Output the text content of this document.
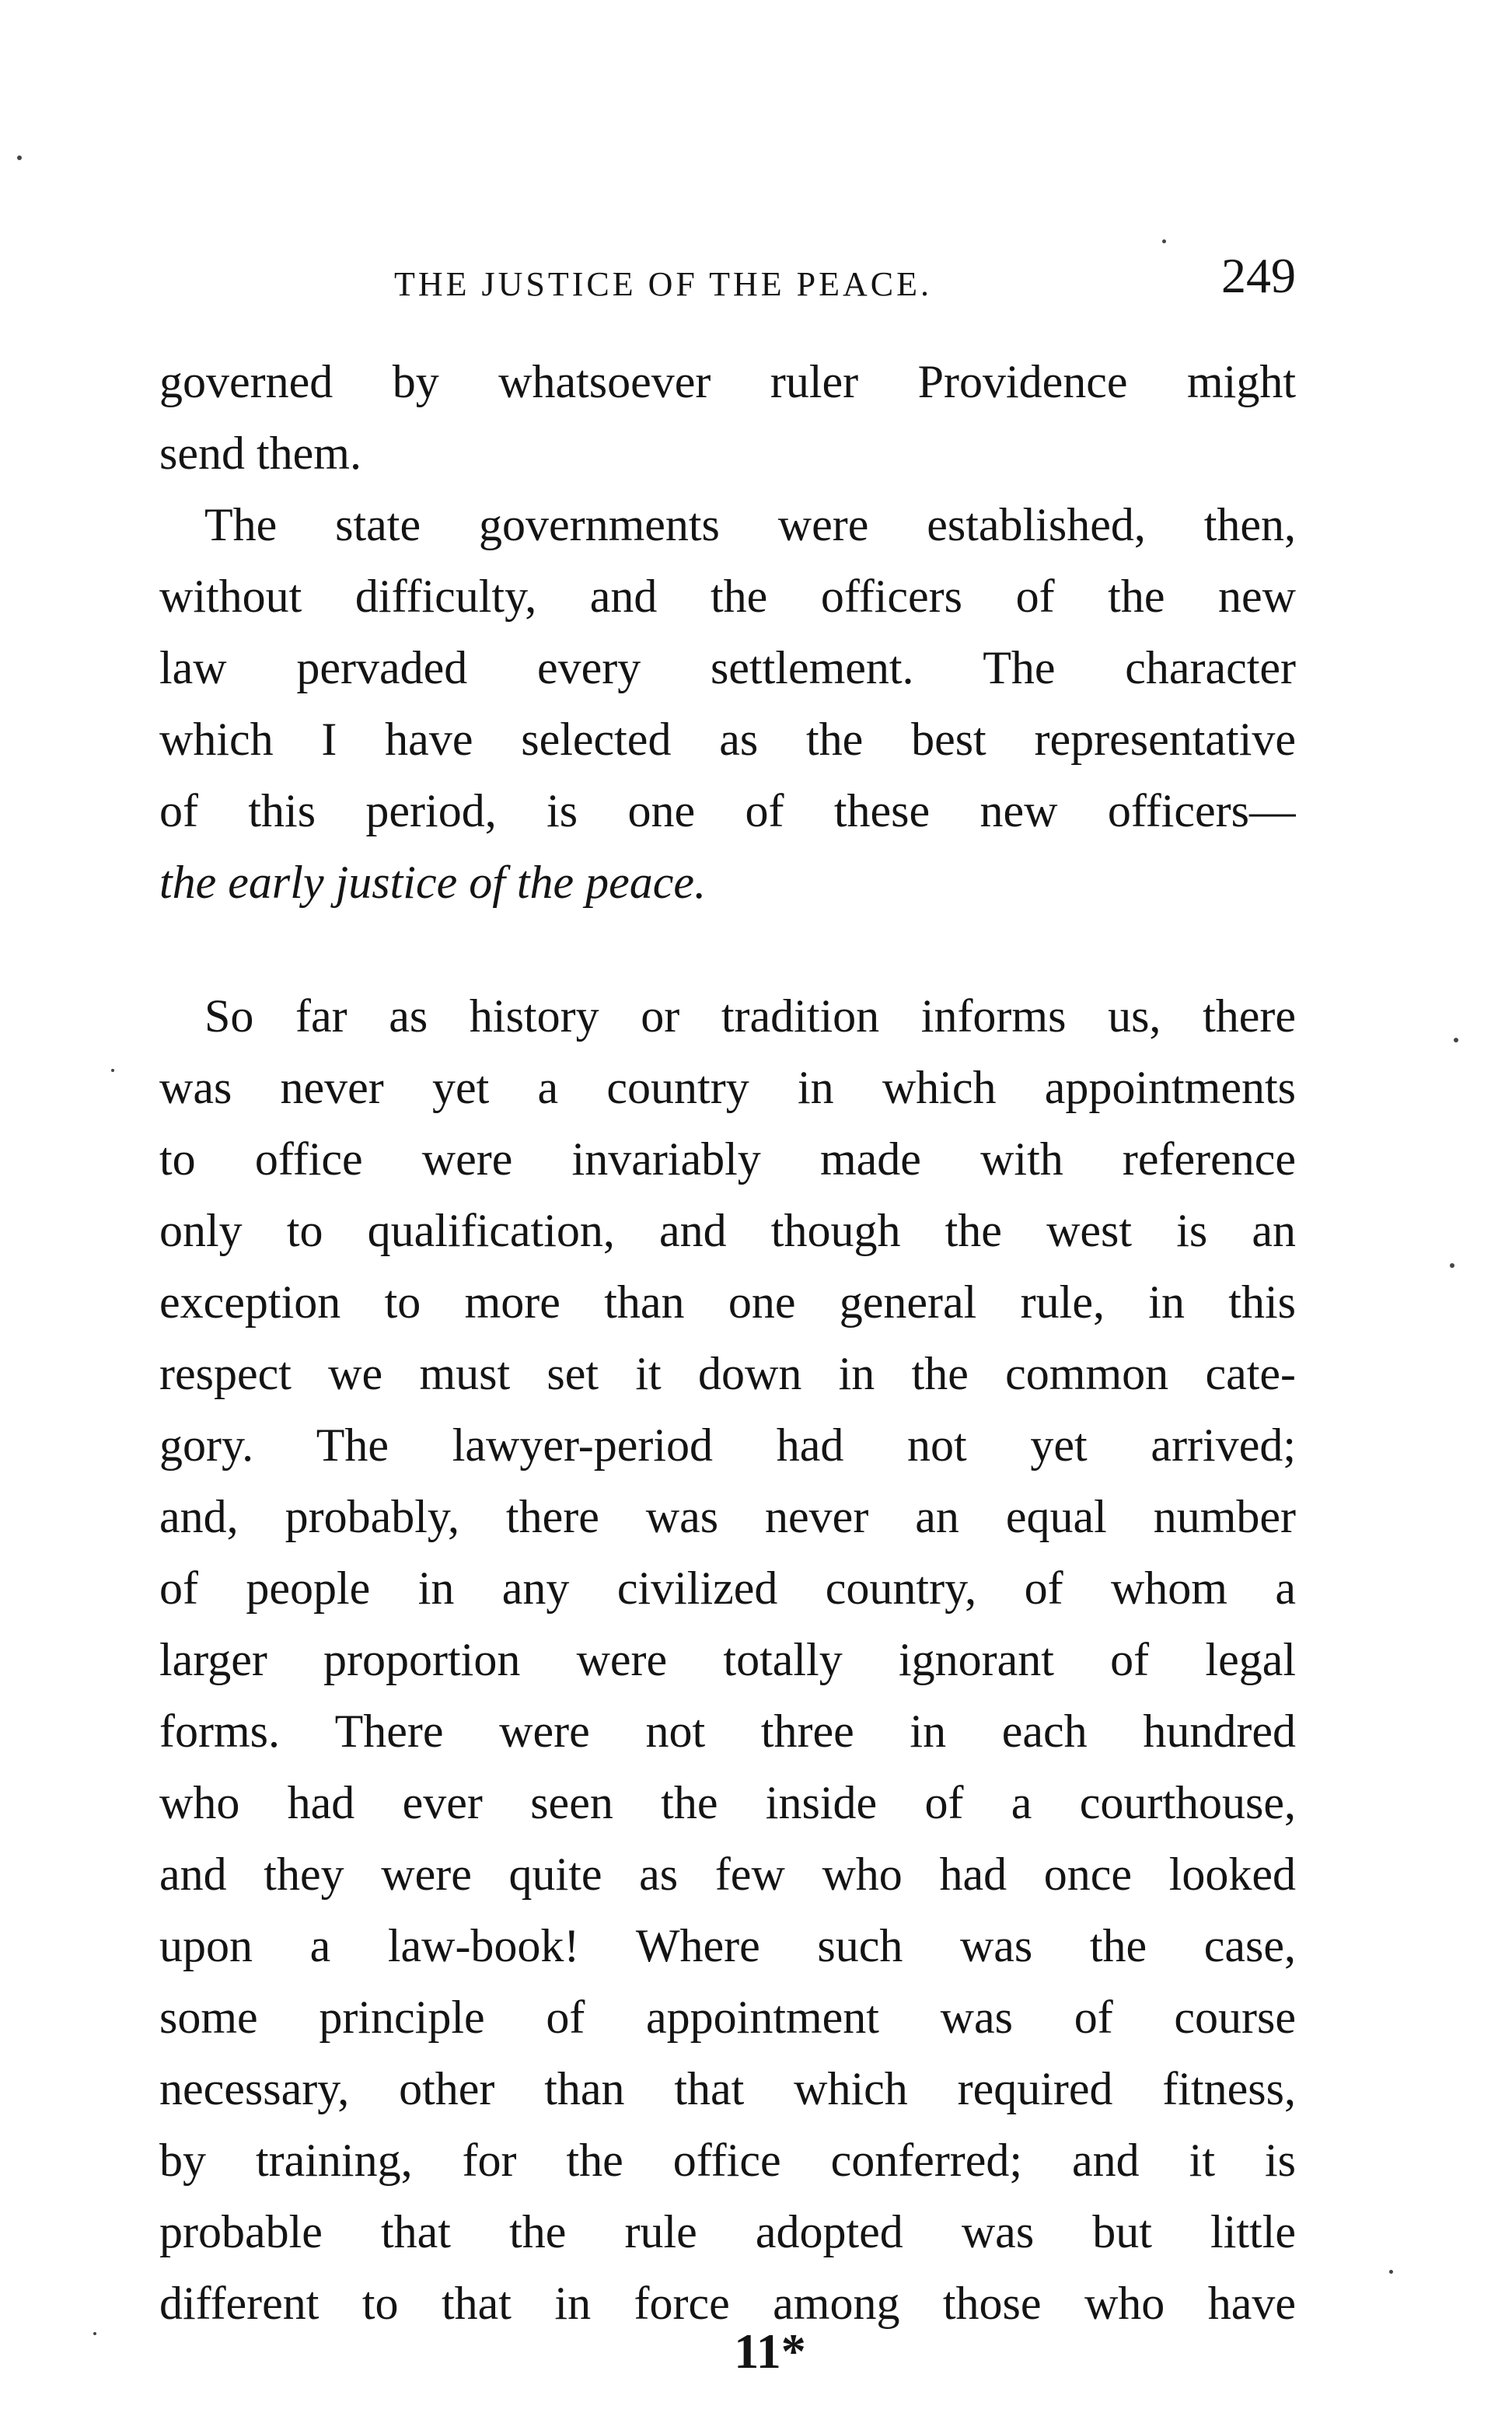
THE JUSTICE OF THE PEACE.	249
governed by whatsoever ruler Providence might
send them.
The state governments were established, then,
without difficulty, and the officers of the new
law pervaded every settlement. The character
which I have selected as the best representative
of this period, is one of these new officers—
the early justice of the peace.
So far as history or tradition informs us, there
was never yet a country in which appointments
to office were invariably made with reference
only to qualification, and though the west is an
exception to more than one general rule, in this
respect we must set it down in the common cate-
gory. The lawyer-period had not yet arrived;
and, probably, there was never an equal number
of people in any civilized country, of whom a
larger proportion were totally ignorant of legal
forms. There were not three in each hundred
who had ever seen the inside of a courthouse,
and they were quite as few who had once looked
upon a law-book! Where such was the case,
some principle of appointment was of course
necessary, other than that which required fitness,
by training, for the office conferred; and it is
probable that the rule adopted was but little
different to that in force among those who have
11*
